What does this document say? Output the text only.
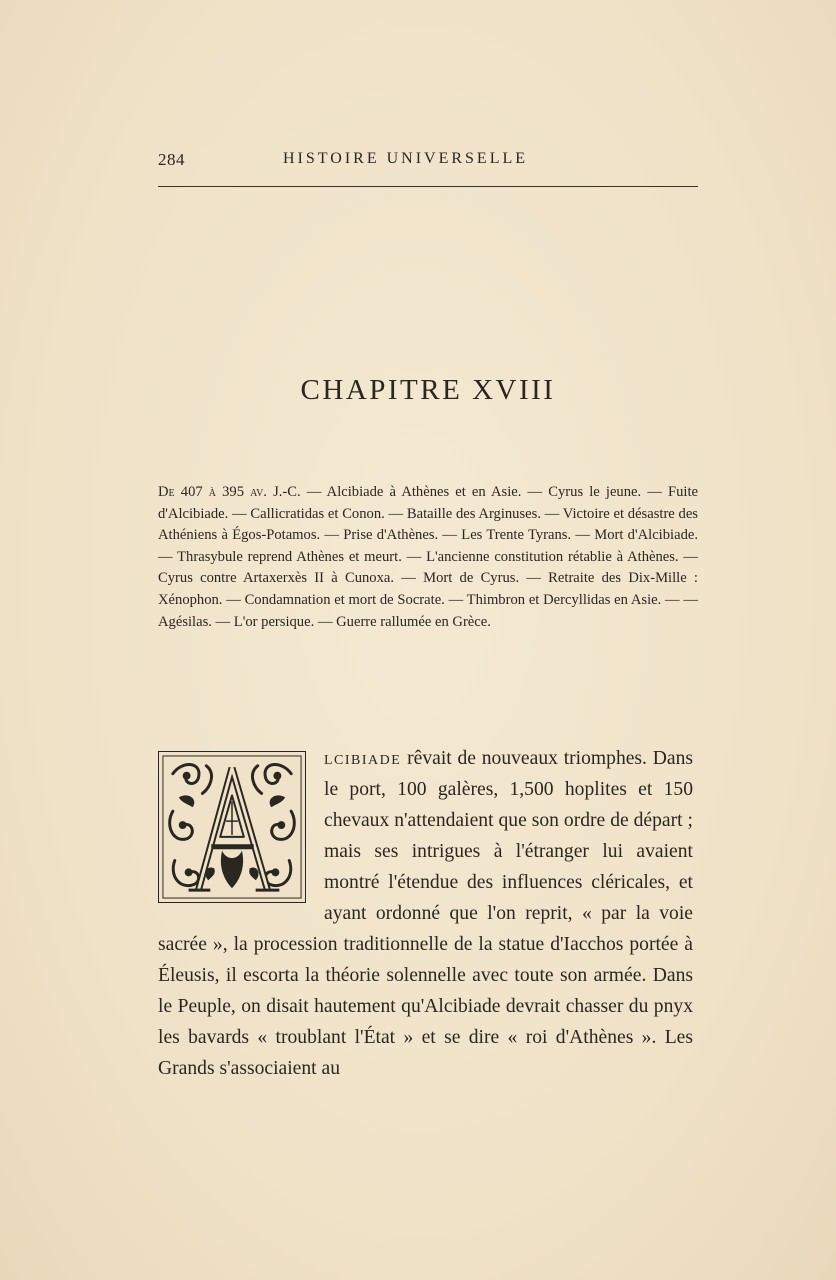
284	HISTOIRE UNIVERSELLE
CHAPITRE XVIII

De 407 à 395 av. J.-C. — Alcibiade à Athènes et en Asie. — Cyrus le jeune. — Fuite d'Alcibiade. — Callicratidas et Conon. — Bataille des Arginuses. — Victoire et désastre des Athéniens à Égos-Potamos. — Prise d'Athènes. — Les Trente Tyrans. — Mort d'Alcibiade. — Thrasybule reprend Athènes et meurt. — L'ancienne constitution rétablie à Athènes. — Cyrus contre Artaxerxès II à Cunoxa. — Mort de Cyrus. — Retraite des Dix-Mille : Xénophon. — Condamnation et mort de Socrate. — Thimbron et Dercyllidas en Asie. — — Agésilas. — L'or persique. — Guerre rallumée en Grèce.

lcibiade rêvait de nouveaux triomphes. Dans le port, 100 galères, 1,500 hoplites et 150 chevaux n'attendaient que son ordre de départ ; mais ses intrigues à l'étranger lui avaient montré l'étendue des influences cléricales, et ayant ordonné que l'on reprit, « par la voie sacrée », la procession traditionnelle de la statue d'Iacchos portée à Éleusis, il escorta la théorie solennelle avec toute son armée. Dans le Peuple, on disait hautement qu'Alcibiade devrait chasser du pnyx les bavards « troublant l'État » et se dire « roi d'Athènes ». Les Grands s'associaient au
